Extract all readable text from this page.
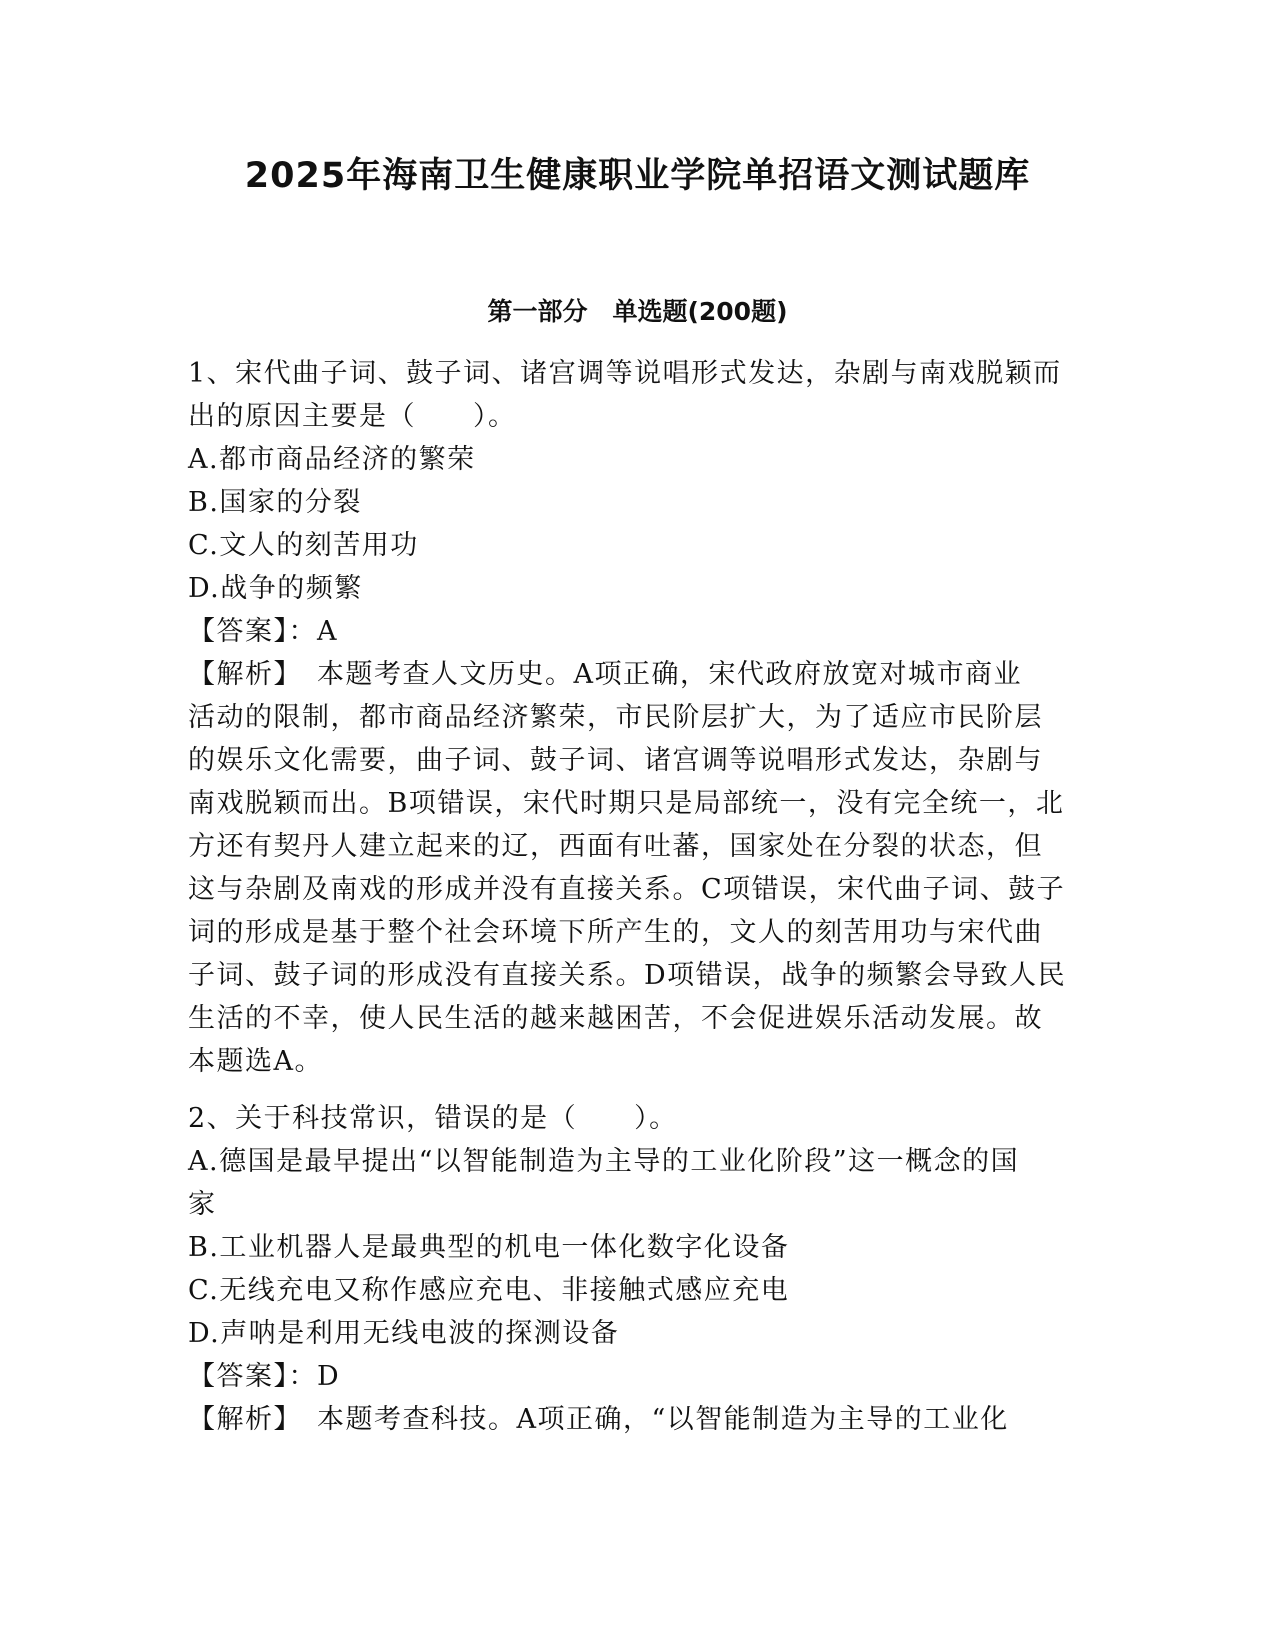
2025年海南卫生健康职业学院单招语文测试题库
第一部分　单选题(200题)
1、宋代曲子词、鼓子词、诸宫调等说唱形式发达，杂剧与南戏脱颖而
出的原因主要是（　　）。
A.都市商品经济的繁荣
B.国家的分裂
C.文人的刻苦用功
D.战争的频繁
【答案】：A
【解析】　本题考查人文历史。A项正确，宋代政府放宽对城市商业
活动的限制，都市商品经济繁荣，市民阶层扩大，为了适应市民阶层
的娱乐文化需要，曲子词、鼓子词、诸宫调等说唱形式发达，杂剧与
南戏脱颖而出。B项错误，宋代时期只是局部统一，没有完全统一，北
方还有契丹人建立起来的辽，西面有吐蕃，国家处在分裂的状态，但
这与杂剧及南戏的形成并没有直接关系。C项错误，宋代曲子词、鼓子
词的形成是基于整个社会环境下所产生的，文人的刻苦用功与宋代曲
子词、鼓子词的形成没有直接关系。D项错误，战争的频繁会导致人民
生活的不幸，使人民生活的越来越困苦，不会促进娱乐活动发展。故
本题选A。
2、关于科技常识，错误的是（　　）。
A.德国是最早提出“以智能制造为主导的工业化阶段”这一概念的国
家
B.工业机器人是最典型的机电一体化数字化设备
C.无线充电又称作感应充电、非接触式感应充电
D.声呐是利用无线电波的探测设备
【答案】：D
【解析】　本题考查科技。A项正确，“以智能制造为主导的工业化
